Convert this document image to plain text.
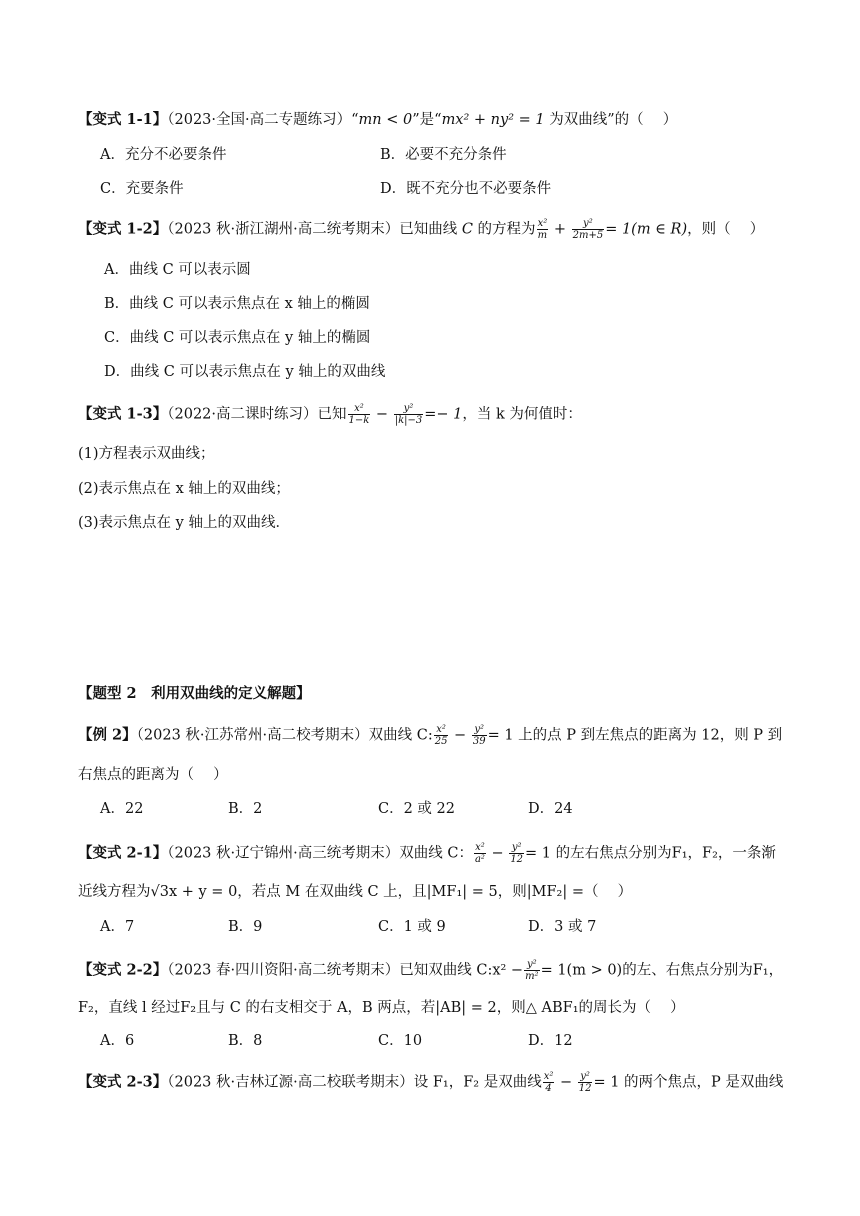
【变式 1-1】（2023·全国·高二专题练习）“mn < 0”是“mx² + ny² = 1 为双曲线”的（　 ）
A．充分不必要条件	B．必要不充分条件
C．充要条件	D．既不充分也不必要条件
【变式 1-2】（2023 秋·浙江湖州·高二统考期末）已知曲线 C 的方程为 $\frac{\text{x²}}{m} + \frac{\text{y²}}{2m+5} = 1(m$ ∈ R)，则（　 ）
A．曲线 C 可以表示圆
B．曲线 C 可以表示焦点在 x 轴上的椭圆
C．曲线 C 可以表示焦点在 y 轴上的椭圆
D．曲线 C 可以表示焦点在 y 轴上的双曲线
【变式 1-3】（2022·高二课时练习）已知 $\frac{\text{x²}}{1-k} - \frac{\text{y²}}{|k|-3} =- 1$，当 k 为何值时：
(1)方程表示双曲线；
(2)表示焦点在 x 轴上的双曲线；
(3)表示焦点在 y 轴上的双曲线．
【题型 2　利用双曲线的定义解题】
【例 2】（2023 秋·江苏常州·高二校考期末）双曲线 C: $\frac{\text{x²}}{25} - \frac{\text{y²}}{39} = 1$ 上的点 P 到左焦点的距离为 12，则 P 到
右焦点的距离为（　 ）
A．22	B．2	C．2 或 22	D．24
【变式 2-1】（2023 秋·辽宁锦州·高三统考期末）双曲线 C： $\frac{\text{x²}}{\text{a²}} - \frac{\text{y²}}{12} = 1$ 的左右焦点分别为F₁，F₂，一条渐
近线方程为√3x + y = 0，若点 M 在双曲线 C 上，且|MF₁| = 5，则|MF₂| =（　 ）
A．7	B．9	C．1 或 9	D．3 或 7
【变式 2-2】（2023 春·四川资阳·高二统考期末）已知双曲线 C:x² − $\frac{\text{y²}}{\text{m²}} = 1(m > 0)$的左、右焦点分别为F₁，
F₂，直线 l 经过F₂且与 C 的右支相交于 A，B 两点，若|AB| = 2，则△ ABF₁的周长为（　 ）
A．6	B．8	C．10	D．12
【变式 2-3】（2023 秋·吉林辽源·高二校联考期末）设 F₁，F₂ 是双曲线 $\frac{\text{x²}}{4} - \frac{\text{y²}}{12} = 1$ 的两个焦点，P 是双曲线
